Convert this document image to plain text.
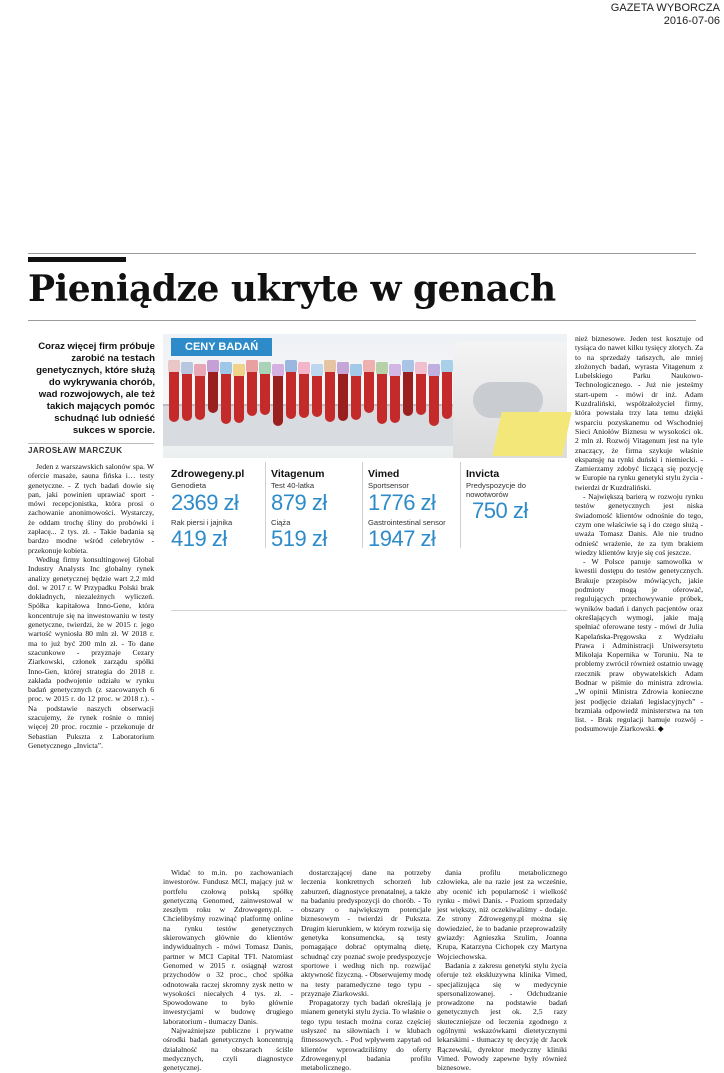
GAZETA WYBORCZA
2016-07-06
Pieniądze ukryte w genach

Coraz więcej firm próbuje zarobić na testach genetycznych, które służą do wykrywania chorób, wad rozwojowych, ale też takich mających pomóc schudnąć lub odnieść sukces w sporcie.

JAROSŁAW MARCZUK

Jeden z warszawskich salonów spa. W ofercie masaże, sauna fińska i… testy genetyczne. - Z tych badań dowie się pan, jaki powinien uprawiać sport - mówi recepcjonistka, która prosi o zachowanie anonimowości. Wystarczy, że oddam trochę śliny do probówki i zapłacę... 2 tys. zł. - Takie badania są bardzo modne wśród celebrytów - przekonuje kobieta.

Według firmy konsultingowej Global Industry Analysts Inc globalny rynek analizy genetycznej będzie wart 2,2 mld dol. w 2017 r. W Przypadku Polski brak dokładnych, niezależnych wyliczeń. Spółka kapitałowa Inno-Gene, która koncentruje się na inwestowaniu w testy genetyczne, twierdzi, że w 2015 r. jego wartość wyniosła 80 mln zł. W 2018 r. ma to już być 200 mln zł. - To dane szacunkowe - przyznaje Cezary Ziarkowski, członek zarządu spółki Inno-Gen, której strategia do 2018 r. zakłada podwojenie udziału w rynku badań genetycznych (z szacowanych 6 proc. w 2015 r. do 12 proc. w 2018 r.). - Na podstawie naszych obserwacji szacujemy, że rynek rośnie o mniej więcej 20 proc. rocznie - przekonuje dr Sebastian Pukszta z Laboratorium Genetycznego „Invicta”.

CENY BADAŃ
Zdrowegeny.pl
Genodieta
2369 zł
Rak piersi i jajnika
419 zł
Vitagenum
Test 40-latka
879 zł
Ciąża
519 zł
Vimed
Sportsensor
1776 zł
Gastrointestinal sensor
1947 zł
Invicta
Predyspozycje do nowotworów
750 zł

Widać to m.in. po zachowaniach inwestorów. Fundusz MCI, mający już w portfelu czołową polską spółkę genetyczną Genomed, zainwestował w zeszłym roku w Zdrowegeny.pl. - Chcielibyśmy rozwinąć platformę online na rynku testów genetycznych skierowanych głównie do klientów indywidualnych - mówi Tomasz Danis, partner w MCI Capital TFI. Natomiast Genomed w 2015 r. osiągnął wzrost przychodów o 32 proc., choć spółka odnotowała raczej skromny zysk netto w wysokości niecałych 4 tys. zł. - Spowodowane to było głównie inwestycjami w budowę drugiego laboratorium - tłumaczy Danis.

Najważniejsze publiczne i prywatne ośrodki badań genetycznych koncentrują działalność na obszarach ściśle medycznych, czyli diagnostyce genetycznej.

dostarczającej dane na potrzeby leczenia konkretnych schorzeń lub zaburzeń, diagnostyce prenatalnej, a także na badaniu predyspozycji do chorób. - To obszary o największym potencjale biznesowym - twierdzi dr Pukszta. Drugim kierunkiem, w którym rozwija się genetyka konsumencka, są testy pomagające dobrać optymalną dietę, schudnąć czy poznać swoje predyspozycje sportowe i według nich np. rozwijać aktywność fizyczną. - Obserwujemy modę na testy paramedyczne tego typu - przyznaje Ziarkowski.

Propagatorzy tych badań określają je mianem genetyki stylu życia. To właśnie o tego typu testach można coraz częściej usłyszeć na siłowniach i w klubach fitnessowych. - Pod wpływem zapytań od klientów wprowadziliśmy do oferty Zdrowegeny.pl badania profilu metabolicznego.

dania profilu metabolicznego człowieka, ale na razie jest za wcześnie, aby ocenić ich popularność i wielkość rynku - mówi Danis. - Poziom sprzedaży jest większy, niż oczekiwaliśmy - dodaje. Ze strony Zdrowegeny.pl można się dowiedzieć, że to badanie przeprowadziły gwiazdy: Agnieszka Szulim, Joanna Krupa, Katarzyna Cichopek czy Martyna Wojciechowska.

Badania z zakresu genetyki stylu życia oferuje też ekskluzywna klinika Vimed, specjalizująca się w medycynie spersonalizowanej. - Odchudzanie prowadzone na podstawie badań genetycznych jest ok. 2,5 razy skuteczniejsze od leczenia zgodnego z ogólnymi wskazówkami dietetycznymi lekarskimi - tłumaczy tę decyzję dr Jacek Rączewski, dyrektor medyczny kliniki Vimed. Powody zapewne były również biznesowe.

nież biznesowe. Jeden test kosztuje od tysiąca do nawet kilku tysięcy złotych. Za to na sprzedaży tańszych, ale mniej złożonych badań, wyrasta Vitagenum z Lubelskiego Parku Naukowo-Technologicznego. - Już nie jesteśmy start-upem - mówi dr inż. Adam Kuzdraliński, współzałożyciel firmy, która powstała trzy lata temu dzięki wsparciu pozyskanemu od Wschodniej Sieci Aniołów Biznesu w wysokości ok. 2 mln zł. Rozwój Vitagenum jest na tyle znaczący, że firma szykuje właśnie ekspansję na rynki duński i niemiecki. - Zamierzamy zdobyć liczącą się pozycję w Europie na rynku genetyki stylu życia - twierdzi dr Kuzdraliński.

- Największą barierą w rozwoju rynku testów genetycznych jest niska świadomość klientów odnośnie do tego, czym one właściwie są i do czego służą - uważa Tomasz Danis. Ale nie trudno odnieść wrażenie, że za tym brakiem wiedzy klientów kryje się coś jeszcze.

- W Polsce panuje samowolka w kwestii dostępu do testów genetycznych. Brakuje przepisów mówiących, jakie podmioty mogą je oferować, regulujących przechowywanie próbek, wyników badań i danych pacjentów oraz określających wymogi, jakie mają spełniać oferowane testy - mówi dr Julia Kapelańska-Pręgowska z Wydziału Prawa i Administracji Uniwersytetu Mikołaja Kopernika w Toruniu. Na te problemy zwrócił również ostatnio uwagę rzecznik praw obywatelskich Adam Bodnar w piśmie do ministra zdrowia. „W opinii Ministra Zdrowia konieczne jest podjęcie działań legislacyjnych” - brzmiała odpowiedź ministerstwa na ten list. - Brak regulacji hamuje rozwój - podsumowuje Ziarkowski. ◆
